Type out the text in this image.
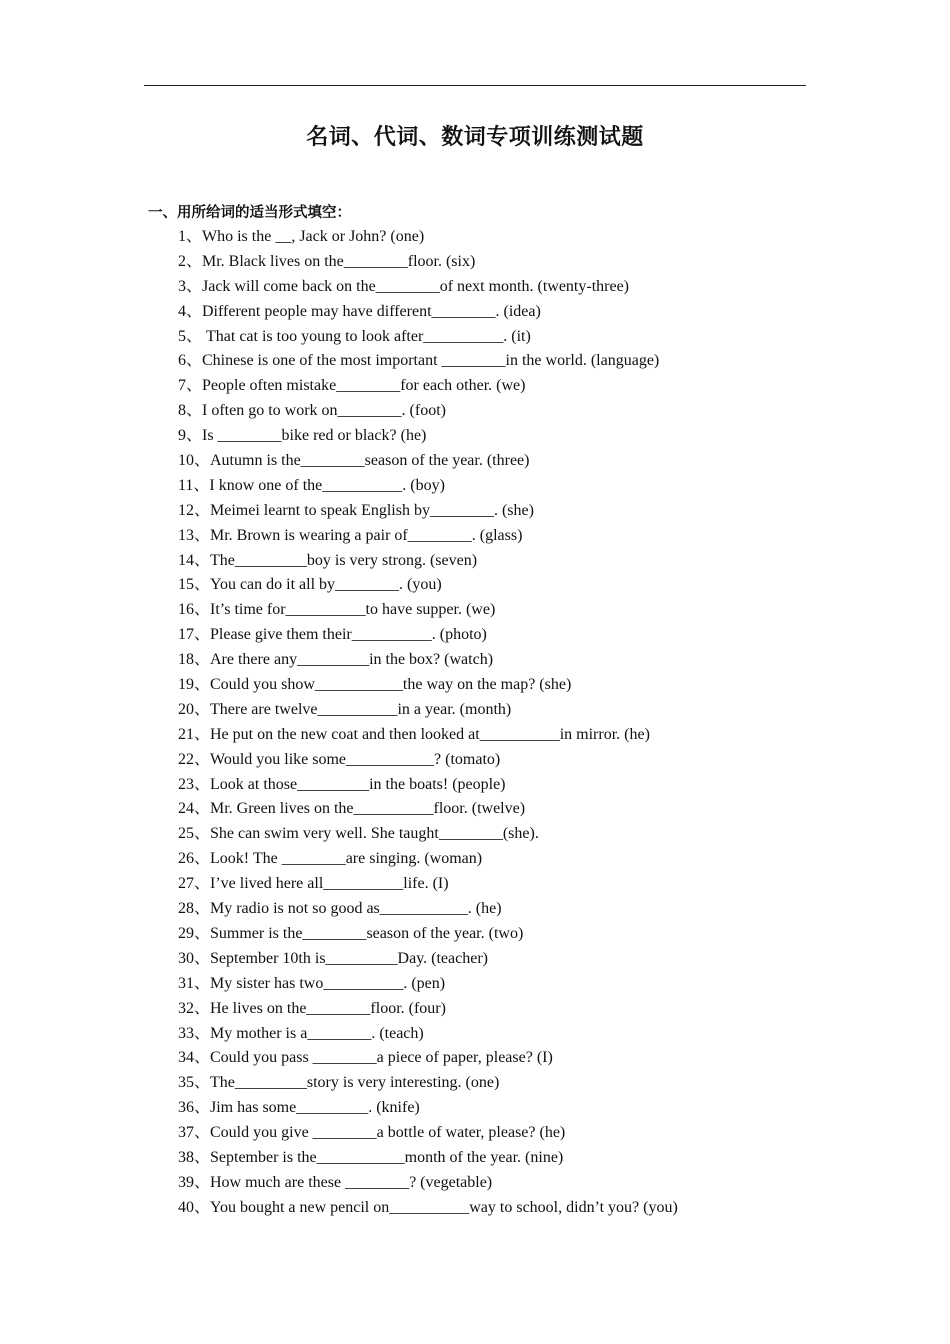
名词、代词、数词专项训练测试题
一、用所给词的适当形式填空：
1、Who is the __, Jack or John? (one)
2、Mr. Black lives on the________floor. (six)
3、Jack will come back on the________of next month. (twenty-three)
4、Different people may have different________. (idea)
5、 That cat is too young to look after__________. (it)
6、Chinese is one of the most important ________in the world. (language)
7、People often mistake________for each other. (we)
8、I often go to work on________. (foot)
9、Is ________bike red or black? (he)
10、Autumn is the________season of the year. (three)
11、I know one of the__________. (boy)
12、Meimei learnt to speak English by________. (she)
13、Mr. Brown is wearing a pair of________. (glass)
14、The_________boy is very strong. (seven)
15、You can do it all by________. (you)
16、It’s time for__________to have supper. (we)
17、Please give them their__________. (photo)
18、Are there any_________in the box? (watch)
19、Could you show___________the way on the map? (she)
20、There are twelve__________in a year. (month)
21、He put on the new coat and then looked at__________in mirror. (he)
22、Would you like some___________? (tomato)
23、Look at those_________in the boats! (people)
24、Mr. Green lives on the__________floor. (twelve)
25、She can swim very well. She taught________(she).
26、Look! The ________are singing. (woman)
27、I’ve lived here all__________life. (I)
28、My radio is not so good as___________. (he)
29、Summer is the________season of the year. (two)
30、September 10th is_________Day. (teacher)
31、My sister has two__________. (pen)
32、He lives on the________floor. (four)
33、My mother is a________. (teach)
34、Could you pass ________a piece of paper, please? (I)
35、The_________story is very interesting. (one)
36、Jim has some_________. (knife)
37、Could you give ________a bottle of water, please? (he)
38、September is the___________month of the year. (nine)
39、How much are these ________? (vegetable)
40、You bought a new pencil on__________way to school, didn’t you? (you)
